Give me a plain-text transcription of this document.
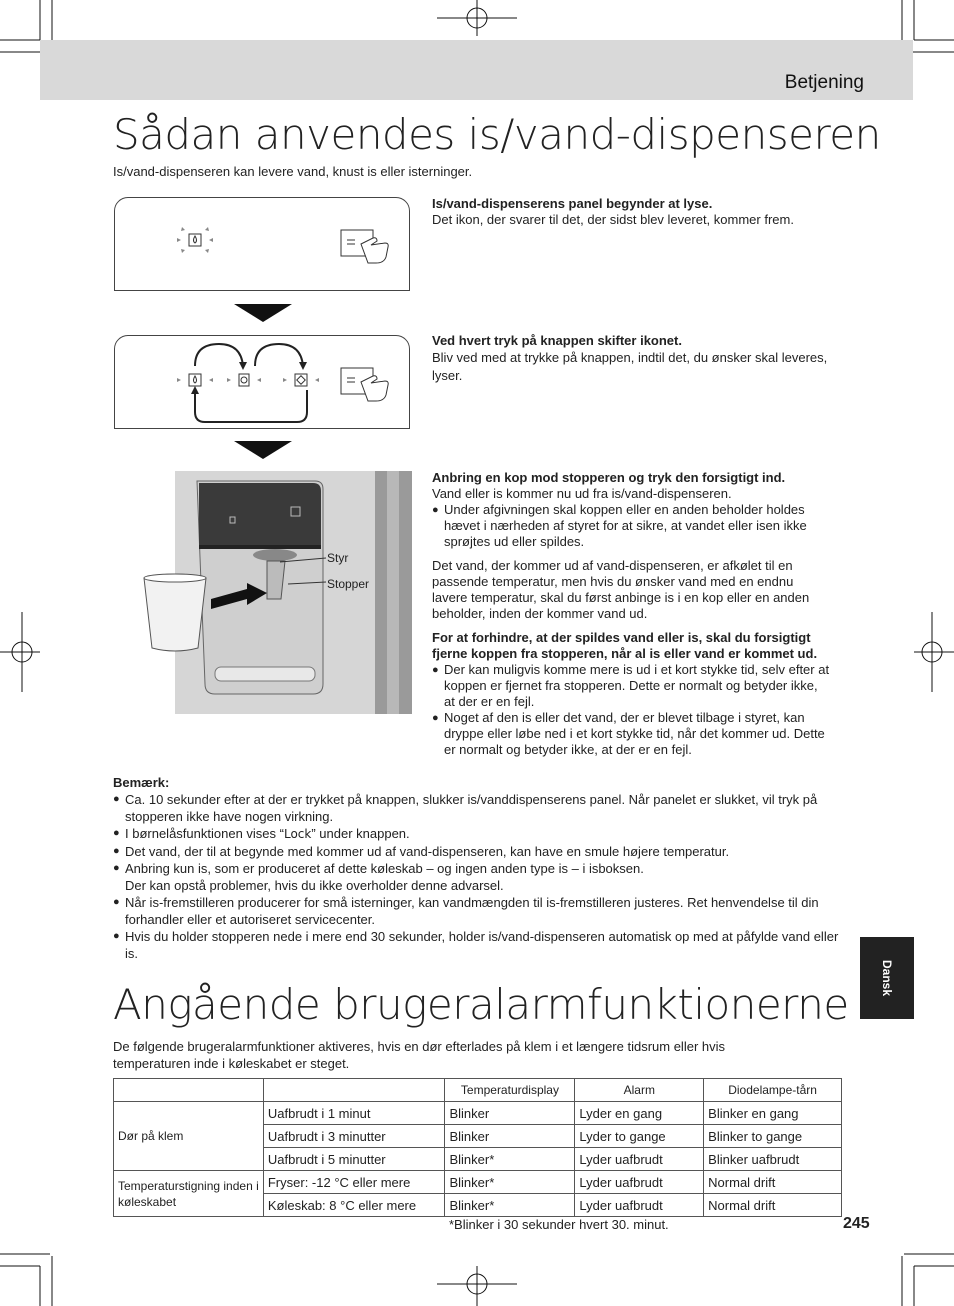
Betjening
Sådan anvendes is/vand-dispenseren
Is/vand-dispenseren kan levere vand, knust is eller isterninger.
Is/vand-dispenserens panel begynder at lyse.
Det ikon, der svarer til det, der sidst blev leveret, kommer frem.
Ved hvert tryk på knappen skifter ikonet.
Bliv ved med at trykke på knappen, indtil det, du ønsker skal leveres, lyser.
Styr
Stopper
Anbring en kop mod stopperen og tryk den forsigtigt ind.
Vand eller is kommer nu ud fra is/vand-dispenseren.
● Under afgivningen skal koppen eller en anden beholder holdes hævet i nærheden af styret for at sikre, at vandet eller isen ikke sprøjtes ud eller spildes.
Det vand, der kommer ud af vand-dispenseren, er afkølet til en passende temperatur, men hvis du ønsker vand med en endnu lavere temperatur, skal du først anbinge is i en kop eller en anden beholder, inden der kommer vand ud.
For at forhindre, at der spildes vand eller is, skal du forsigtigt fjerne koppen fra stopperen, når al is eller vand er kommet ud.
● Der kan muligvis komme mere is ud i et kort stykke tid, selv efter at koppen er fjernet fra stopperen. Dette er normalt og betyder ikke, at der er en fejl.
● Noget af den is eller det vand, der er blevet tilbage i styret, kan dryppe eller løbe ned i et kort stykke tid, når det kommer ud. Dette er normalt og betyder ikke, at der er en fejl.
Bemærk:
● Ca. 10 sekunder efter at der er trykket på knappen, slukker is/vanddispenserens panel. Når panelet er slukket, vil tryk på stopperen ikke have nogen virkning.
● I børnelåsfunktionen vises “Lock” under knappen.
● Det vand, der til at begynde med kommer ud af vand-dispenseren, kan have en smule højere temperatur.
● Anbring kun is, som er produceret af dette køleskab – og ingen anden type is – i isboksen.
Der kan opstå problemer, hvis du ikke overholder denne advarsel.
● Når is-fremstilleren producerer for små isterninger, kan vandmængden til is-fremstilleren justeres. Ret henvendelse til din forhandler eller et autoriseret servicecenter.
● Hvis du holder stopperen nede i mere end 30 sekunder, holder is/vand-dispenseren automatisk op med at påfylde vand eller is.
Dansk
Angående brugeralarmfunktionerne
De følgende brugeralarmfunktioner aktiveres, hvis en dør efterlades på klem i et længere tidsrum eller hvis temperaturen inde i køleskabet er steget.
		Temperaturdisplay	Alarm	Diodelampe-tårn
Dør på klem	Uafbrudt i 1 minut	Blinker	Lyder en gang	Blinker en gang
	Uafbrudt i 3 minutter	Blinker	Lyder to gange	Blinker to gange
	Uafbrudt i 5 minutter	Blinker*	Lyder uafbrudt	Blinker uafbrudt
Temperaturstigning inden i køleskabet	Fryser: -12 °C eller mere	Blinker*	Lyder uafbrudt	Normal drift
	Køleskab: 8 °C eller mere	Blinker*	Lyder uafbrudt	Normal drift
*Blinker i 30 sekunder hvert 30. minut.	245
